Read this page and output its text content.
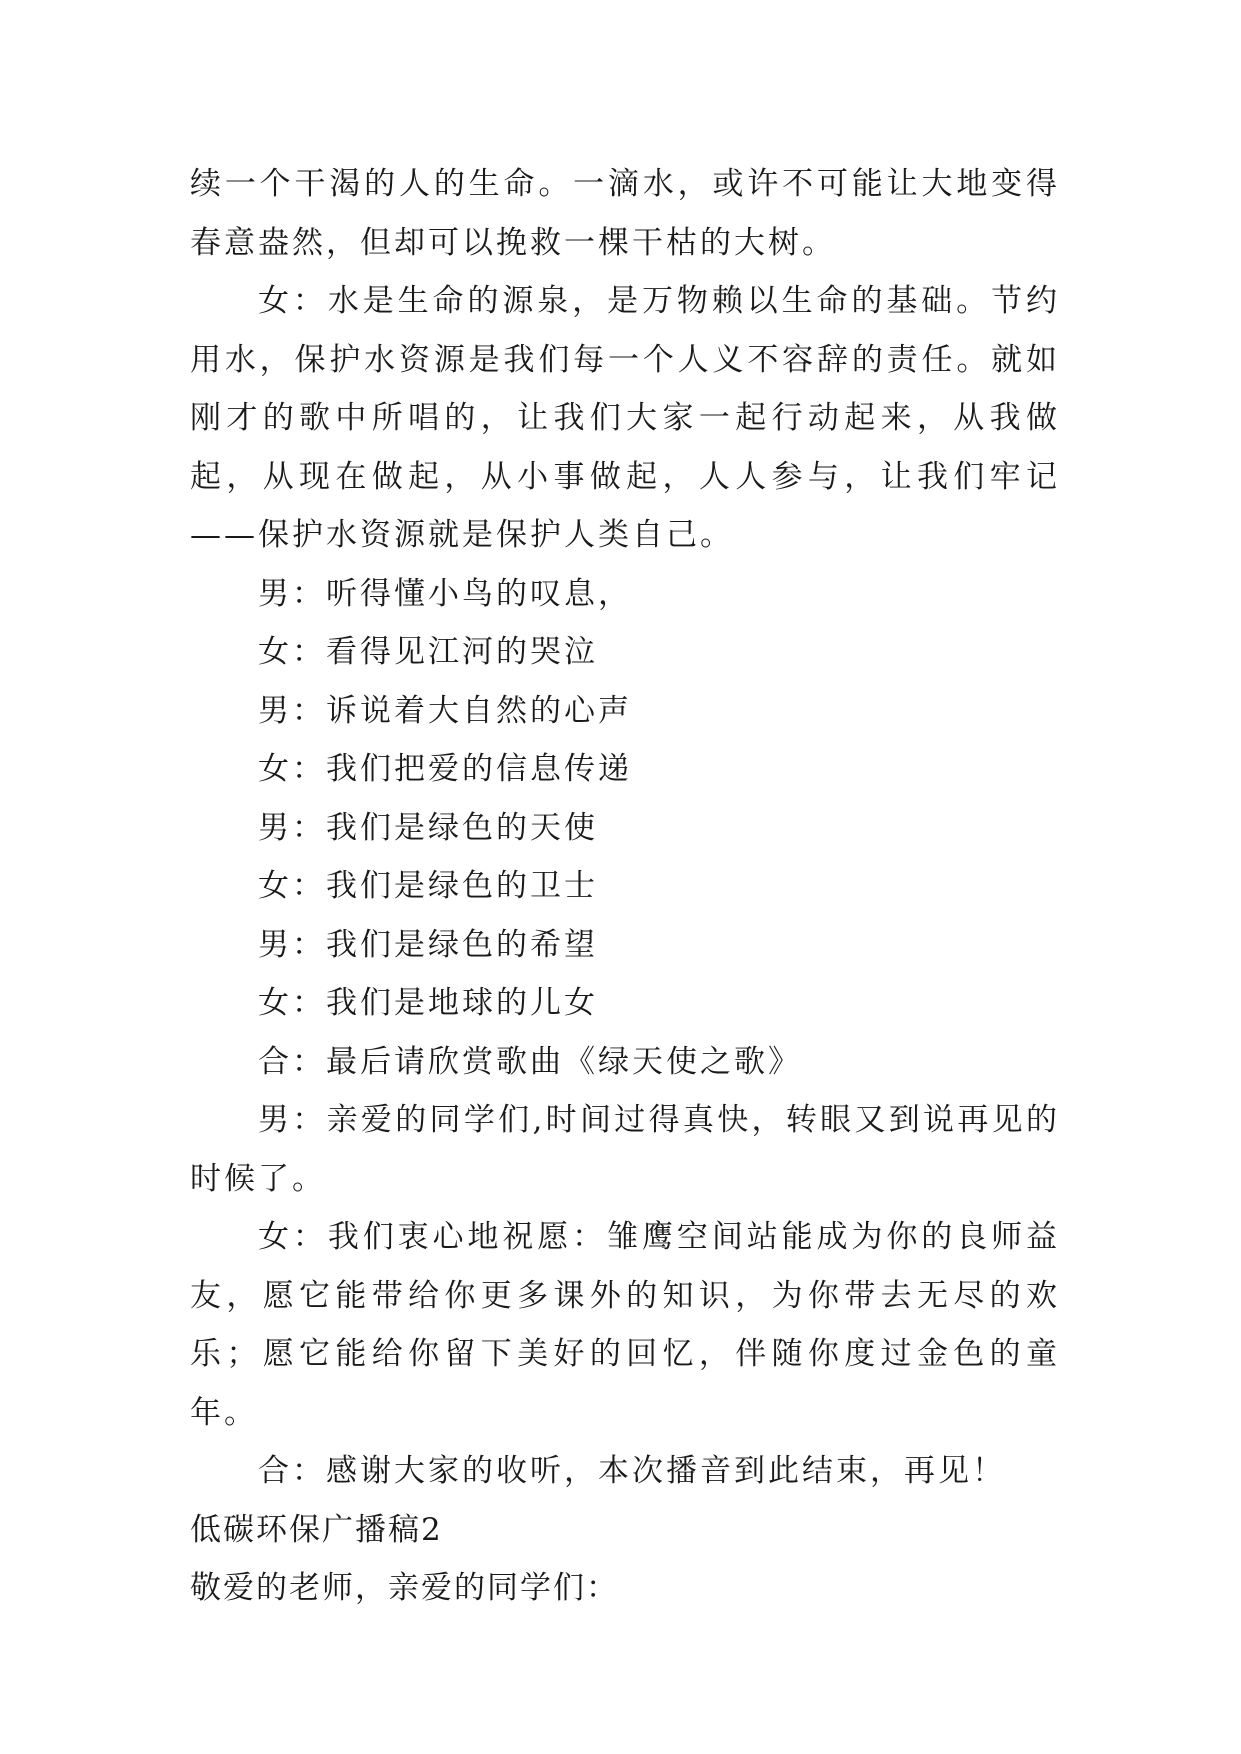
续一个干渴的人的生命。一滴水，或许不可能让大地变得春意盎然，但却可以挽救一棵干枯的大树。

女：水是生命的源泉，是万物赖以生命的基础。节约用水，保护水资源是我们每一个人义不容辞的责任。就如刚才的歌中所唱的，让我们大家一起行动起来，从我做起，从现在做起，从小事做起，人人参与，让我们牢记——保护水资源就是保护人类自己。

男：听得懂小鸟的叹息，

女：看得见江河的哭泣

男：诉说着大自然的心声

女：我们把爱的信息传递

男：我们是绿色的天使

女：我们是绿色的卫士

男：我们是绿色的希望

女：我们是地球的儿女

合：最后请欣赏歌曲《绿天使之歌》

男：亲爱的同学们,时间过得真快，转眼又到说再见的时候了。

女：我们衷心地祝愿：雏鹰空间站能成为你的良师益友，愿它能带给你更多课外的知识，为你带去无尽的欢乐；愿它能给你留下美好的回忆，伴随你度过金色的童年。

合：感谢大家的收听，本次播音到此结束，再见！

低碳环保广播稿2

敬爱的老师，亲爱的同学们：
